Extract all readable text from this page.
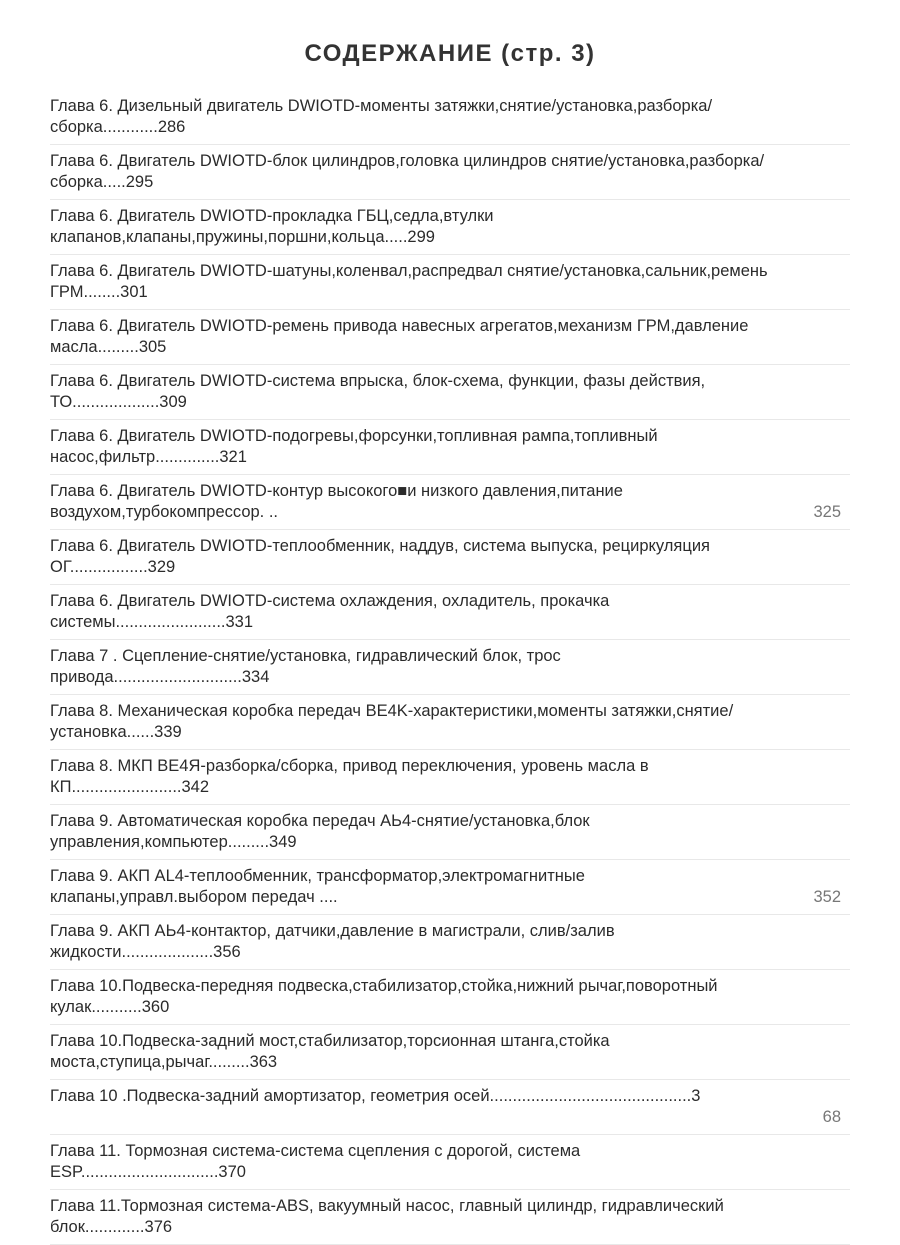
СОДЕРЖАНИЕ (стр. 3)
Глава 6. Дизельный двигатель DWIOTD-моменты затяжки,снятие/установка,разборка/
сборка............286
Глава 6. Двигатель DWIOTD-блок цилиндров,головка цилиндров снятие/установка,разборка/
сборка.....295
Глава 6. Двигатель DWIOTD-прокладка ГБЦ,седла,втулки
клапанов,клапаны,пружины,поршни,кольца.....299
Глава 6. Двигатель DWIOTD-шатуны,коленвал,распредвал снятие/установка,сальник,ремень
ГРМ........301
Глава 6. Двигатель DWIOTD-ремень привода навесных агрегатов,механизм ГРМ,давление
масла.........305
Глава 6. Двигатель DWIOTD-система впрыска, блок-схема, функции, фазы действия,
ТО...................309
Глава 6. Двигатель DWIOTD-подогревы,форсунки,топливная рампа,топливный
насос,фильтр..............321
Глава 6. Двигатель DWIOTD-контур высокого■и низкого давления,питание
воздухом,турбокомпрессор. ..	325
Глава 6. Двигатель DWIOTD-теплообменник, наддув, система выпуска, рециркуляция
ОГ.................329
Глава 6. Двигатель DWIOTD-система охлаждения, охладитель, прокачка
системы........................331
Глава 7 . Сцепление-снятие/установка, гидравлический блок, трос
привода............................334
Глава 8. Механическая коробка передач BE4K-характеристики,моменты затяжки,снятие/
установка......339
Глава 8. МКП BE4Я-разборка/сборка, привод переключения, уровень масла в
КП........................342
Глава 9. Автоматическая коробка передач АЬ4-снятие/установка,блок
управления,компьютер.........349
Глава 9. АКП AL4-теплообменник, трансформатор,электромагнитные
клапаны,управл.выбором передач ....	352
Глава 9. АКП АЬ4-контактор, датчики,давление в магистрали, слив/залив
жидкости....................356
Глава 10.Подвеска-передняя подвеска,стабилизатор,стойка,нижний рычаг,поворотный
кулак...........360
Глава 10.Подвеска-задний мост,стабилизатор,торсионная штанга,стойка
моста,ступица,рычаг.........363
Глава 10 .Подвеска-задний амортизатор, геометрия осей............................................3
68
Глава 11. Тормозная система-система сцепления с дорогой, система
ESP..............................370
Глава 11.Тормозная система-ABS, вакуумный насос, главный цилиндр, гидравлический
блок.............376
